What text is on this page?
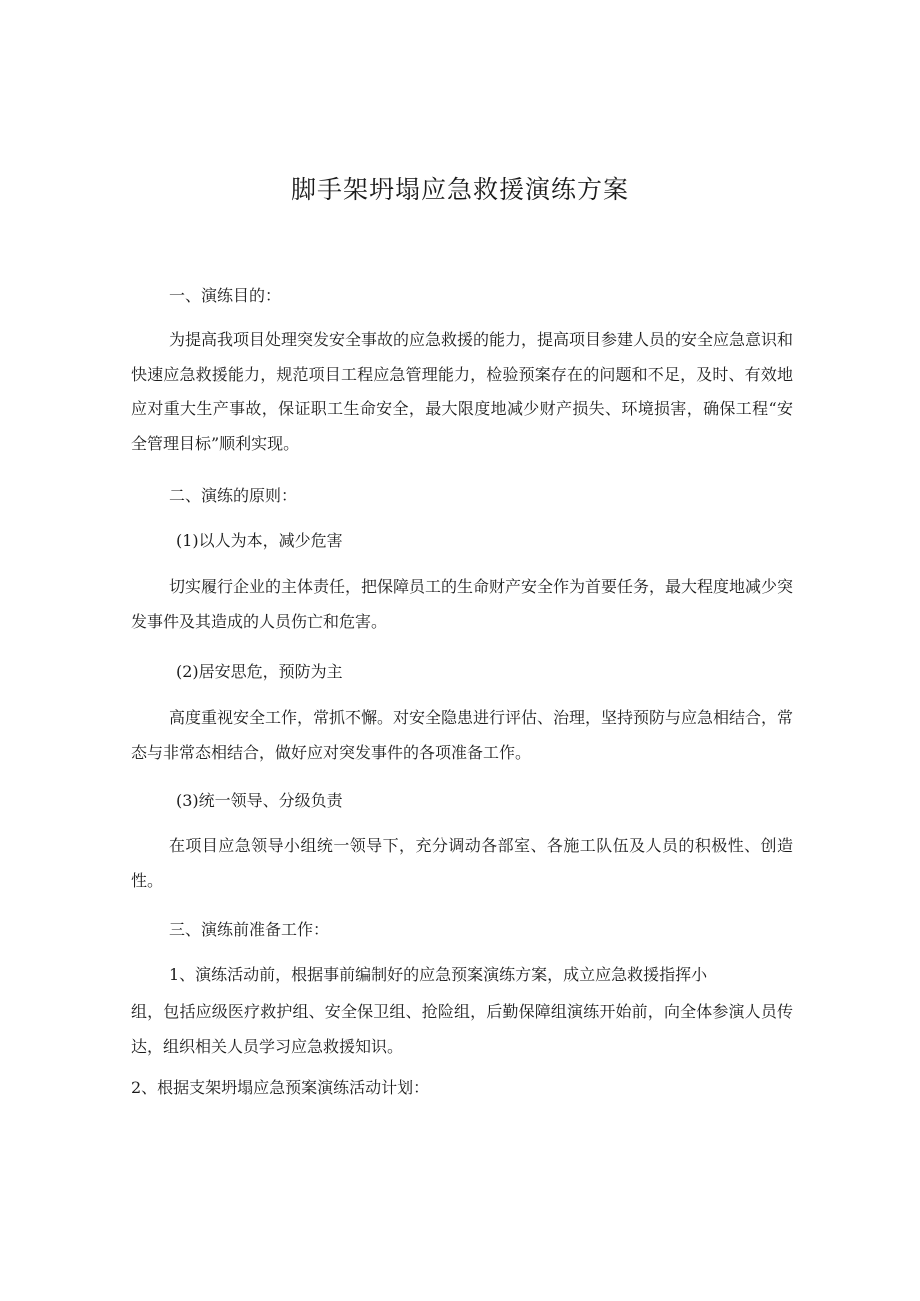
脚手架坍塌应急救援演练方案
一、演练目的：
为提高我项目处理突发安全事故的应急救援的能力，提高项目参建人员的安全应急意识和快速应急救援能力，规范项目工程应急管理能力，检验预案存在的问题和不足，及时、有效地应对重大生产事故，保证职工生命安全，最大限度地减少财产损失、环境损害，确保工程“安全管理目标”顺利实现。
二、演练的原则：
(1)以人为本，减少危害
切实履行企业的主体责任，把保障员工的生命财产安全作为首要任务，最大程度地减少突发事件及其造成的人员伤亡和危害。
(2)居安思危，预防为主
高度重视安全工作，常抓不懈。对安全隐患进行评估、治理，坚持预防与应急相结合，常态与非常态相结合，做好应对突发事件的各项准备工作。
(3)统一领导、分级负责
在项目应急领导小组统一领导下，充分调动各部室、各施工队伍及人员的积极性、创造性。
三、演练前准备工作：
1、演练活动前，根据事前编制好的应急预案演练方案，成立应急救援指挥小
组，包括应级医疗救护组、安全保卫组、抢险组，后勤保障组演练开始前，向全体参演人员传达，组织相关人员学习应急救援知识。
2、根据支架坍塌应急预案演练活动计划：
